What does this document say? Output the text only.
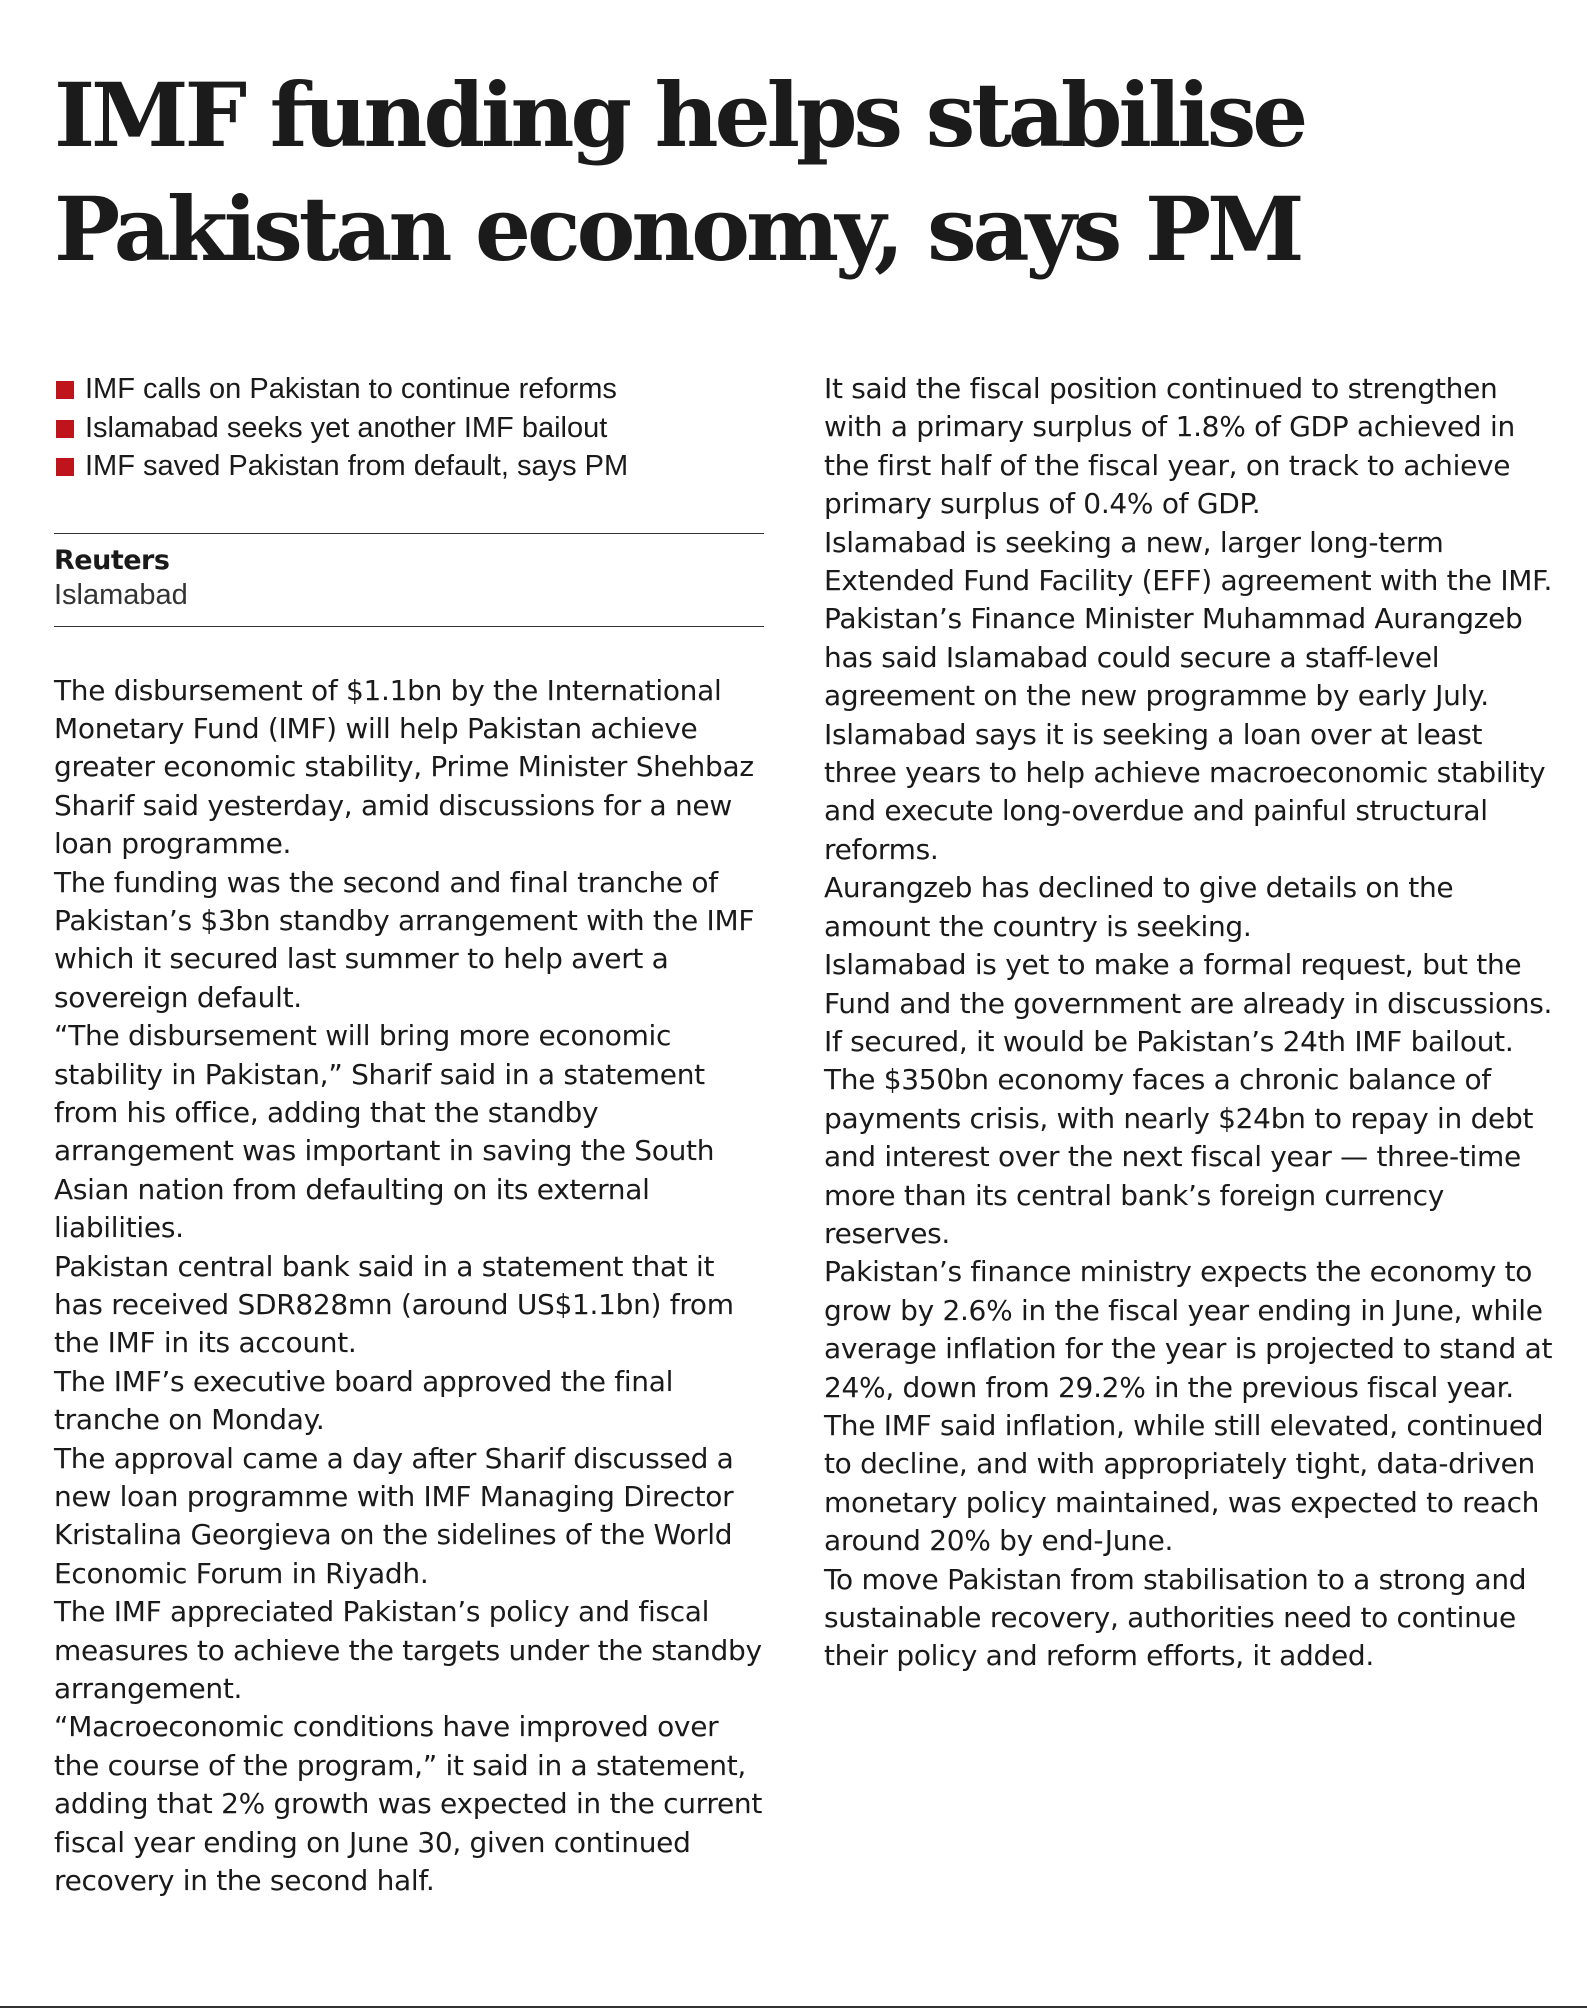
IMF funding helps stabilise
Pakistan economy, says PM
IMF calls on Pakistan to continue reforms
Islamabad seeks yet another IMF bailout
IMF saved Pakistan from default, says PM
Reuters
Islamabad

The disbursement of $1.1bn by the International Monetary Fund (IMF) will help Pakistan achieve greater economic stability, Prime Minister Shehbaz Sharif said yesterday, amid discussions for a new loan programme.

The funding was the second and final tranche of Pakistan’s $3bn standby arrangement with the IMF which it secured last summer to help avert a sovereign default.

“The disbursement will bring more economic stability in Pakistan,” Sharif said in a statement from his office, adding that the standby arrangement was important in saving the South Asian nation from defaulting on its external liabilities.

Pakistan central bank said in a statement that it has received SDR828mn (around US$1.1bn) from the IMF in its account.

The IMF’s executive board approved the final tranche on Monday.

The approval came a day after Sharif discussed a new loan programme with IMF Managing Director Kristalina Georgieva on the sidelines of the World Economic Forum in Riyadh.

The IMF appreciated Pakistan’s policy and fiscal measures to achieve the targets under the standby arrangement.

“Macroeconomic conditions have improved over the course of the program,” it said in a statement, adding that 2% growth was expected in the current fiscal year ending on June 30, given continued recovery in the second half.

It said the fiscal position continued to strengthen with a primary surplus of 1.8% of GDP achieved in the first half of the fiscal year, on track to achieve primary surplus of 0.4% of GDP.

Islamabad is seeking a new, larger long-term Extended Fund Facility (EFF) agreement with the IMF. Pakistan’s Finance Minister Muhammad Aurangzeb has said Islamabad could secure a staff-level agreement on the new programme by early July.

Islamabad says it is seeking a loan over at least three years to help achieve macroeconomic stability and execute long-overdue and painful structural reforms.

Aurangzeb has declined to give details on the amount the country is seeking.

Islamabad is yet to make a formal request, but the Fund and the government are already in discussions.

If secured, it would be Pakistan’s 24th IMF bailout.

The $350bn economy faces a chronic balance of payments crisis, with nearly $24bn to repay in debt and interest over the next fiscal year — three-time more than its central bank’s foreign currency reserves.

Pakistan’s finance ministry expects the economy to grow by 2.6% in the fiscal year ending in June, while average inflation for the year is projected to stand at 24%, down from 29.2% in the previous fiscal year.

The IMF said inflation, while still elevated, continued to decline, and with appropriately tight, data-driven monetary policy maintained, was expected to reach around 20% by end-June.

To move Pakistan from stabilisation to a strong and sustainable recovery, authorities need to continue their policy and reform efforts, it added.
